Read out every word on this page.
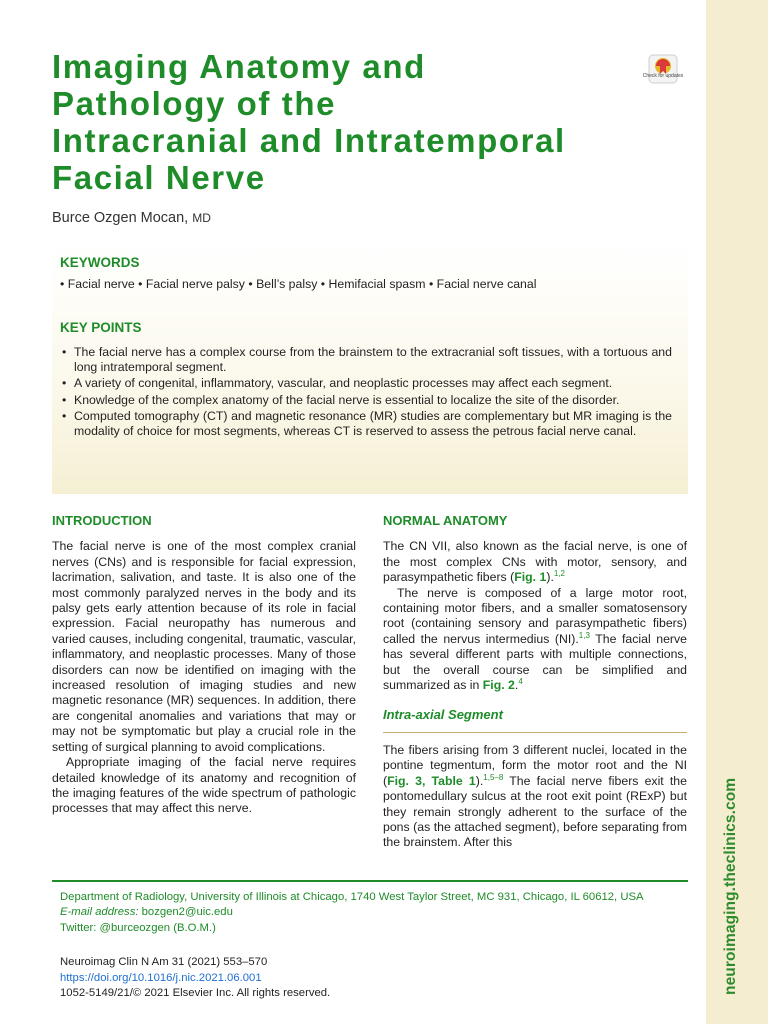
neuroimaging.theclinics.com
Imaging Anatomy and
Pathology of the
Intracranial and Intratemporal
Facial Nerve
Check for updates
Burce Ozgen Mocan, MD
KEYWORDS
• Facial nerve • Facial nerve palsy • Bell’s palsy • Hemifacial spasm • Facial nerve canal
KEY POINTS
• The facial nerve has a complex course from the brainstem to the extracranial soft tissues, with a tortuous and long intratemporal segment.
• A variety of congenital, inflammatory, vascular, and neoplastic processes may affect each segment.
• Knowledge of the complex anatomy of the facial nerve is essential to localize the site of the disorder.
• Computed tomography (CT) and magnetic resonance (MR) studies are complementary but MR imaging is the modality of choice for most segments, whereas CT is reserved to assess the petrous facial nerve canal.
INTRODUCTION

The facial nerve is one of the most complex cranial nerves (CNs) and is responsible for facial expression, lacrimation, salivation, and taste. It is also one of the most commonly paralyzed nerves in the body and its palsy gets early attention because of its role in facial expression. Facial neuropathy has numerous and varied causes, including congenital, traumatic, vascular, inflammatory, and neoplastic processes. Many of those disorders can now be identified on imaging with the increased resolution of imaging studies and new magnetic resonance (MR) sequences. In addition, there are congenital anomalies and variations that may or may not be symptomatic but play a crucial role in the setting of surgical planning to avoid complications.

Appropriate imaging of the facial nerve requires detailed knowledge of its anatomy and recognition of the imaging features of the wide spectrum of pathologic processes that may affect this nerve.

NORMAL ANATOMY

The CN VII, also known as the facial nerve, is one of the most complex CNs with motor, sensory, and parasympathetic fibers (Fig. 1).$^{1,2}$

The nerve is composed of a large motor root, containing motor fibers, and a smaller somatosensory root (containing sensory and parasympathetic fibers) called the nervus intermedius (NI).$^{1,3}$ The facial nerve has several different parts with multiple connections, but the overall course can be simplified and summarized as in Fig. 2.$^4$

Intra-axial Segment

The fibers arising from 3 different nuclei, located in the pontine tegmentum, form the motor root and the NI (Fig. 3, Table 1).$^{1,5-8}$ The facial nerve fibers exit the pontomedullary sulcus at the root exit point (RExP) but they remain strongly adherent to the surface of the pons (as the attached segment), before separating from the brainstem. After this

Department of Radiology, University of Illinois at Chicago, 1740 West Taylor Street, MC 931, Chicago, IL 60612, USA
E-mail address: bozgen2@uic.edu
Twitter: @burceozgen (B.O.M.)
Neuroimag Clin N Am 31 (2021) 553–570
https://doi.org/10.1016/j.nic.2021.06.001
1052-5149/21/© 2021 Elsevier Inc. All rights reserved.
